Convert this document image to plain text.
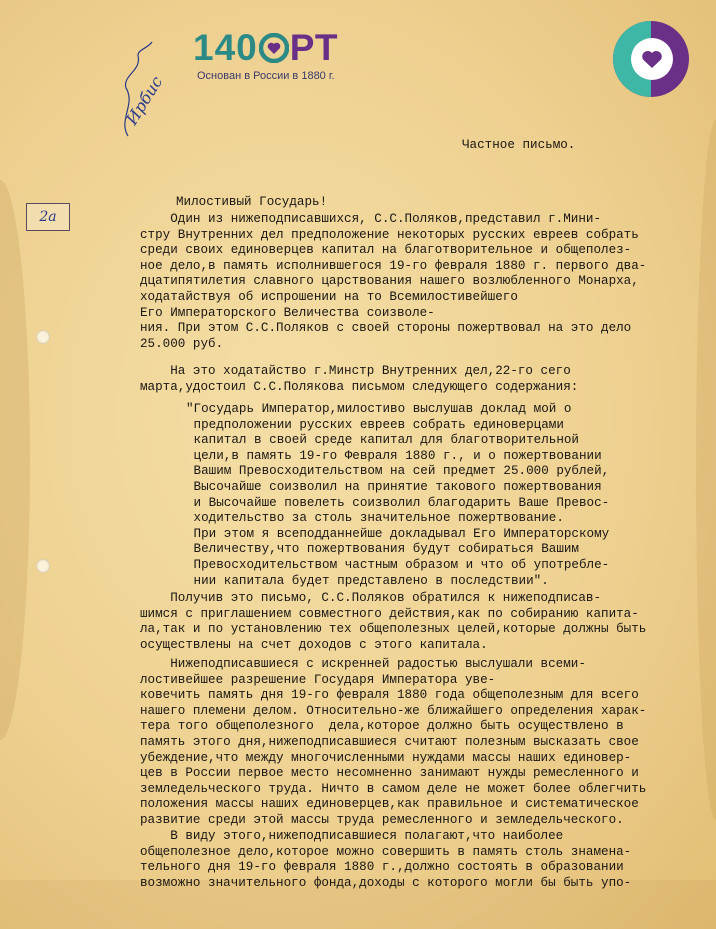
140 РТ
Основан в России в 1880 г.
Ирбис
2а
Частное письмо.
Милостивый Государь!
Один из нижеподписавшихся, С.С.Поляков,представил г.Мини-
стру Внутренних дел предположение некоторых русских евреев собрать
среди своих единоверцев капитал на благотворительное и общеполез-
ное дело,в память исполнившегося 19-го февраля 1880 г. первого два-
дцатипятилетия славного царствования нашего возлюбленного Монарха,
ходатайствуя об испрошении на то Всемилостивейшего
Его Императорского Величества соизволе-
ния. При этом С.С.Поляков с своей стороны пожертвовал на это дело
25.000 руб.
На это ходатайство г.Минстр Внутренних дел,22-го сего
марта,удостоил С.С.Полякова письмом следующего содержания:
"Государь Император,милостиво выслушав доклад мой о
предположении русских евреев собрать единоверцами
капитал в своей среде капитал для благотворительной
цели,в память 19-го Февраля 1880 г., и о пожертвовании
Вашим Превосходительством на сей предмет 25.000 рублей,
Высочайше соизволил на принятие такового пожертвования
и Высочайше повелеть соизволил благодарить Ваше Превос-
ходительство за столь значительное пожертвование.
При этом я всеподданнейше докладывал Его Императорскому
Величеству,что пожертвования будут собираться Вашим
Превосходительством частным образом и что об употребле-
нии капитала будет представлено в последствии".
Получив это письмо, С.С.Поляков обратился к нижеподписав-
шимся с приглашением совместного действия,как по собиранию капита-
ла,так и по установлению тех общеполезных целей,которые должны быть
осуществлены на счет доходов с этого капитала.
Нижеподписавшиеся с искренней радостью выслушали всеми-
лостивейшее разрешение Государя Императора уве-
ковечить память дня 19-го февраля 1880 года общеполезным для всего
нашего племени делом. Относительно-же ближайшего определения харак-
тера того общеполезного  дела,которое должно быть осуществлено в
память этого дня,нижеподписавшиеся считают полезным высказать свое
убеждение,что между многочисленными нуждами массы наших единовер-
цев в России первое место несомненно занимают нужды ремесленного и
земледельческого труда. Ничто в самом деле не может более облегчить
положения массы наших единоверцев,как правильное и систематическое
развитие среди этой массы труда ремесленного и земледельческого.
В виду этого,нижеподписавшиеся полагают,что наиболее
общеполезное дело,которое можно совершить в память столь знамена-
тельного дня 19-го февраля 1880 г.,должно состоять в образовании
возможно значительного фонда,доходы с которого могли бы быть упо-
